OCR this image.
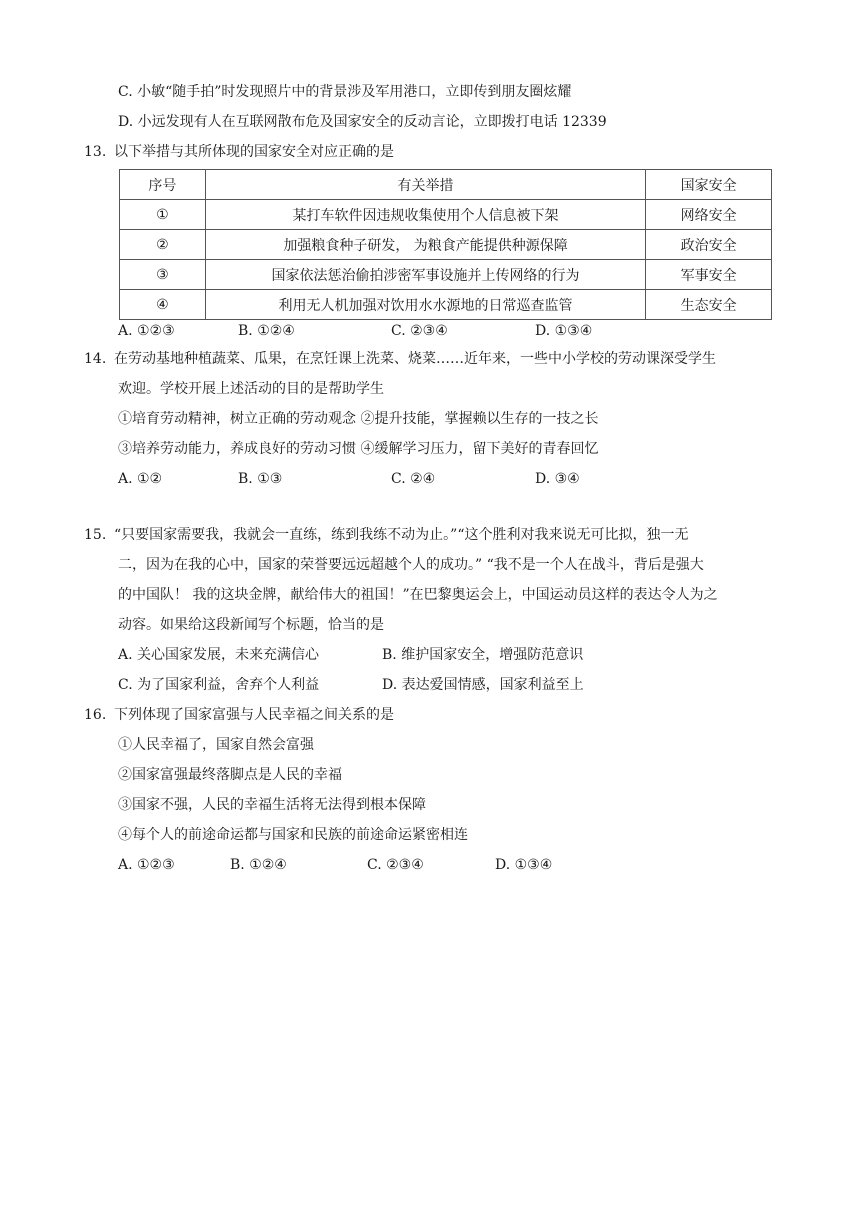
C. 小敏“随手拍”时发现照片中的背景涉及军用港口，立即传到朋友圈炫耀
D. 小远发现有人在互联网散布危及国家安全的反动言论，立即拨打电话 12339
13. 以下举措与其所体现的国家安全对应正确的是
序号	有关举措	国家安全
①	某打车软件因违规收集使用个人信息被下架	网络安全
②	加强粮食种子研发， 为粮食产能提供种源保障	政治安全
③	国家依法惩治偷拍涉密军事设施并上传网络的行为	军事安全
④	利用无人机加强对饮用水水源地的日常巡查监管	生态安全
A. ①②③	B. ①②④	C. ②③④	D. ①③④
14. 在劳动基地种植蔬菜、瓜果，在烹饪课上洗菜、烧菜……近年来，一些中小学校的劳动课深受学生
欢迎。学校开展上述活动的目的是帮助学生
①培育劳动精神，树立正确的劳动观念 ②提升技能，掌握赖以生存的一技之长
③培养劳动能力，养成良好的劳动习惯 ④缓解学习压力，留下美好的青春回忆
A. ①②	B. ①③	C. ②④	D. ③④
15. “只要国家需要我，我就会一直练，练到我练不动为止。”“这个胜利对我来说无可比拟，独一无
二，因为在我的心中，国家的荣誉要远远超越个人的成功。” “我不是一个人在战斗，背后是强大
的中国队！ 我的这块金牌，献给伟大的祖国！”在巴黎奥运会上，中国运动员这样的表达令人为之
动容。如果给这段新闻写个标题，恰当的是
A. 关心国家发展，未来充满信心	B. 维护国家安全，增强防范意识
C. 为了国家利益，舍弃个人利益	D. 表达爱国情感，国家利益至上
16. 下列体现了国家富强与人民幸福之间关系的是
①人民幸福了，国家自然会富强
②国家富强最终落脚点是人民的幸福
③国家不强，人民的幸福生活将无法得到根本保障
④每个人的前途命运都与国家和民族的前途命运紧密相连
A. ①②③	B. ①②④	C. ②③④	D. ①③④
